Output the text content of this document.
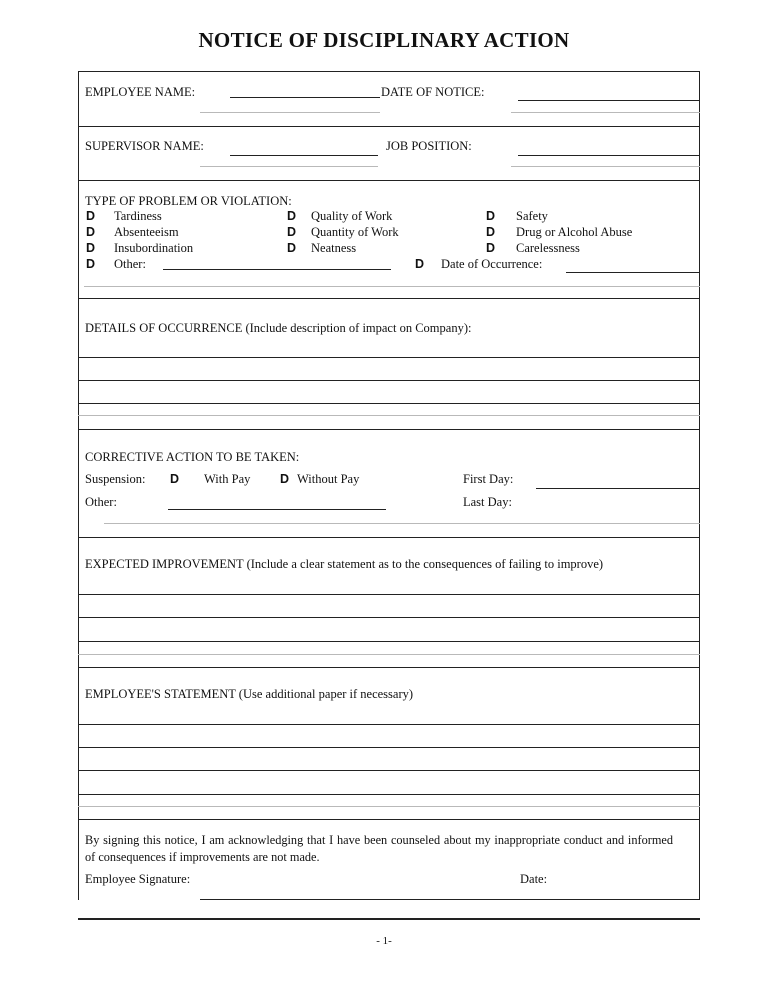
NOTICE OF DISCIPLINARY ACTION
EMPLOYEE NAME:	DATE OF NOTICE:
SUPERVISOR NAME:	JOB POSITION:
TYPE OF PROBLEM OR VIOLATION:
D Tardiness	D Quality of Work	D Safety
D Absenteeism	D Quantity of Work	D Drug or Alcohol Abuse
D Insubordination	D Neatness	D Carelessness
D Other:	D Date of Occurrence:
DETAILS OF OCCURRENCE (Include description of impact on Company):
CORRECTIVE ACTION TO BE TAKEN:
Suspension: D With Pay D Without Pay	First Day:
Other:	Last Day:
EXPECTED IMPROVEMENT (Include a clear statement as to the consequences of failing to improve)
EMPLOYEE'S STATEMENT (Use additional paper if necessary)
By signing this notice, I am acknowledging that I have been counseled about my inappropriate conduct and informed of consequences if improvements are not made.
Employee Signature:	Date:
- 1-
